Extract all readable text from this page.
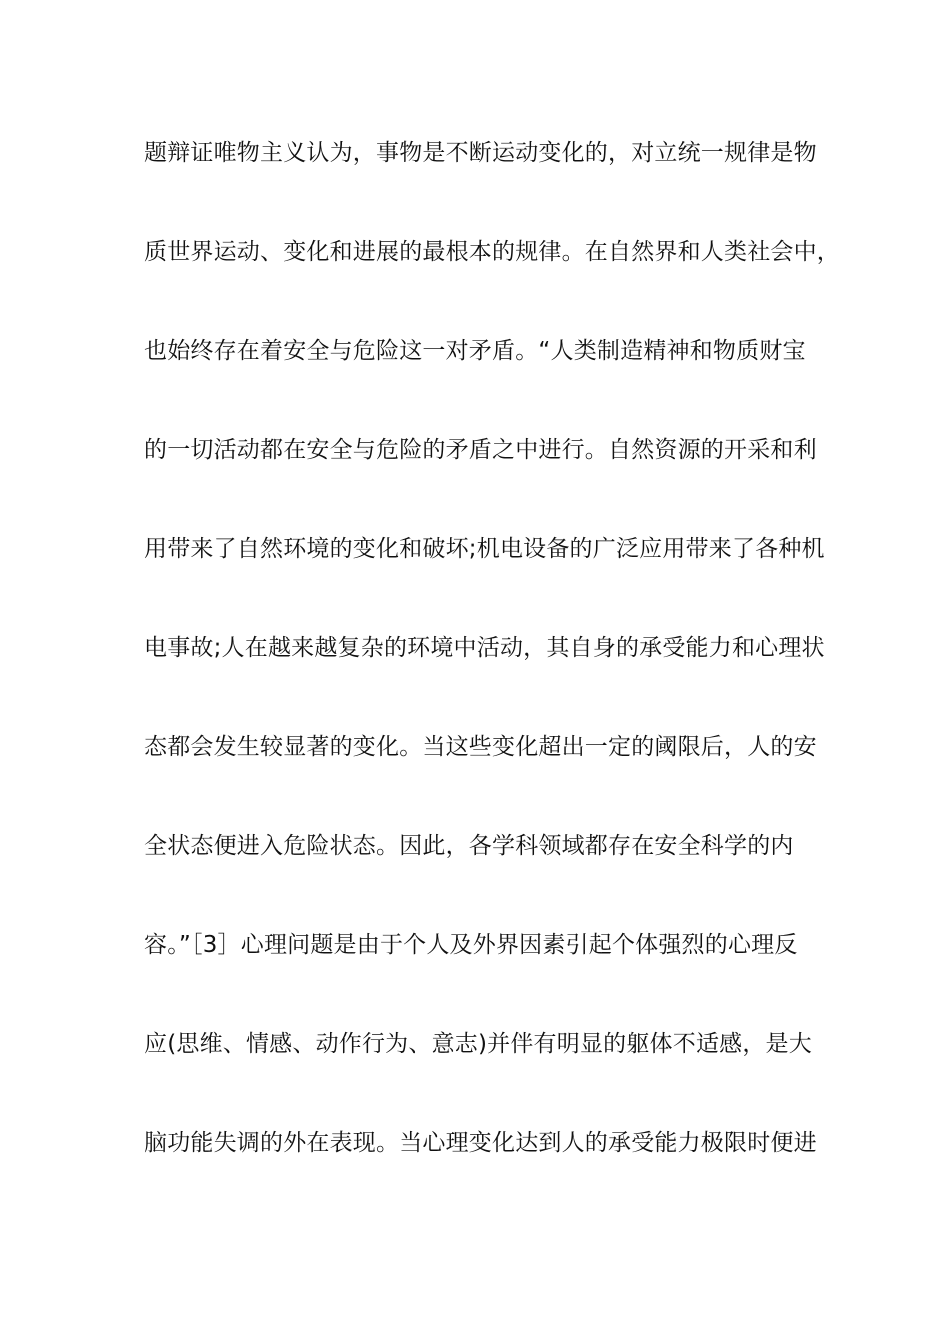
题辩证唯物主义认为，事物是不断运动变化的，对立统一规律是物
质世界运动、变化和进展的最根本的规律。在自然界和人类社会中，
也始终存在着安全与危险这一对矛盾。“人类制造精神和物质财宝
的一切活动都在安全与危险的矛盾之中进行。自然资源的开采和利
用带来了自然环境的变化和破坏;机电设备的广泛应用带来了各种机
电事故;人在越来越复杂的环境中活动，其自身的承受能力和心理状
态都会发生较显著的变化。当这些变化超出一定的阈限后，人的安
全状态便进入危险状态。因此，各学科领域都存在安全科学的内
容。”［3］心理问题是由于个人及外界因素引起个体强烈的心理反
应(思维、情感、动作行为、意志)并伴有明显的躯体不适感，是大
脑功能失调的外在表现。当心理变化达到人的承受能力极限时便进
